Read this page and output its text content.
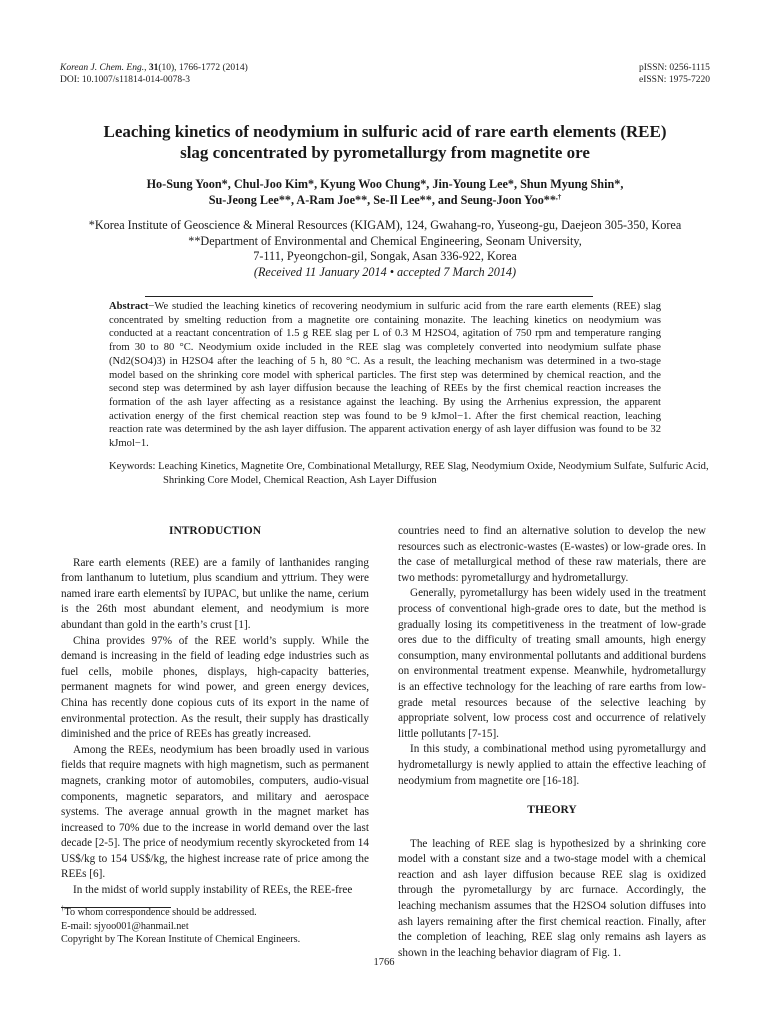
Korean J. Chem. Eng., 31(10), 1766-1772 (2014)
DOI: 10.1007/s11814-014-0078-3
pISSN: 0256-1115
eISSN: 1975-7220
Leaching kinetics of neodymium in sulfuric acid of rare earth elements (REE)
slag concentrated by pyrometallurgy from magnetite ore
Ho-Sung Yoon*, Chul-Joo Kim*, Kyung Woo Chung*, Jin-Young Lee*, Shun Myung Shin*,
Su-Jeong Lee**, A-Ram Joe**, Se-Il Lee**, and Seung-Joon Yoo**,†
*Korea Institute of Geoscience & Mineral Resources (KIGAM), 124, Gwahang-ro, Yuseong-gu, Daejeon 305-350, Korea
**Department of Environmental and Chemical Engineering, Seonam University,
7-111, Pyeongchon-gil, Songak, Asan 336-922, Korea
(Received 11 January 2014 • accepted 7 March 2014)
Abstract−We studied the leaching kinetics of recovering neodymium in sulfuric acid from the rare earth elements (REE) slag concentrated by smelting reduction from a magnetite ore containing monazite. The leaching kinetics on neodymium was conducted at a reactant concentration of 1.5 g REE slag per L of 0.3 M H2SO4, agitation of 750 rpm and temperature ranging from 30 to 80 °C. Neodymium oxide included in the REE slag was completely converted into neodymium sulfate phase (Nd2(SO4)3) in H2SO4 after the leaching of 5 h, 80 °C. As a result, the leaching mechanism was determined in a two-stage model based on the shrinking core model with spherical particles. The first step was determined by chemical reaction, and the second step was determined by ash layer diffusion because the leaching of REEs by the first chemical reaction increases the formation of the ash layer affecting as a resistance against the leaching. By using the Arrhenius expression, the apparent activation energy of the first chemical reaction step was found to be 9 kJmol−1. After the first chemical reaction, leaching reaction rate was determined by the ash layer diffusion. The apparent activation energy of ash layer diffusion was found to be 32 kJmol−1.
Keywords: Leaching Kinetics, Magnetite Ore, Combinational Metallurgy, REE Slag, Neodymium Oxide, Neodymium Sulfate, Sulfuric Acid, Shrinking Core Model, Chemical Reaction, Ash Layer Diffusion
INTRODUCTION

Rare earth elements (REE) are a family of lanthanides ranging from lanthanum to lutetium, plus scandium and yttrium. They were named irare earth elementsî by IUPAC, but unlike the name, cerium is the 26th most abundant element, and neodymium is more abundant than gold in the earth’s crust [1].

China provides 97% of the REE world’s supply. While the demand is increasing in the field of leading edge industries such as fuel cells, mobile phones, displays, high-capacity batteries, permanent magnets for wind power, and green energy devices, China has recently done copious cuts of its export in the name of environmental protection. As the result, their supply has drastically diminished and the price of REEs has greatly increased.

Among the REEs, neodymium has been broadly used in various fields that require magnets with high magnetism, such as permanent magnets, cranking motor of automobiles, computers, audio-visual components, magnetic separators, and military and aerospace systems. The average annual growth in the magnet market has increased to 70% due to the increase in world demand over the last decade [2-5]. The price of neodymium recently skyrocketed from 14 US$/kg to 154 US$/kg, the highest increase rate of price among the REEs [6].

In the midst of world supply instability of REEs, the REE-free

countries need to find an alternative solution to develop the new resources such as electronic-wastes (E-wastes) or low-grade ores. In the case of metallurgical method of these raw materials, there are two methods: pyrometallurgy and hydrometallurgy.

Generally, pyrometallurgy has been widely used in the treatment process of conventional high-grade ores to date, but the method is gradually losing its competitiveness in the treatment of low-grade ores due to the difficulty of treating small amounts, high energy consumption, many environmental pollutants and additional burdens on environmental treatment expense. Meanwhile, hydrometallurgy is an effective technology for the leaching of rare earths from low-grade metal resources because of the selective leaching by appropriate solvent, low process cost and occurrence of relatively little pollutants [7-15].

In this study, a combinational method using pyrometallurgy and hydrometallurgy is newly applied to attain the effective leaching of neodymium from magnetite ore [16-18].

THEORY

The leaching of REE slag is hypothesized by a shrinking core model with a constant size and a two-stage model with a chemical reaction and ash layer diffusion because REE slag is oxidized through the pyrometallurgy by arc furnace. Accordingly, the leaching mechanism assumes that the H2SO4 solution diffuses into ash layers remaining after the first chemical reaction. Finally, after the completion of leaching, REE slag only remains ash layers as shown in the leaching behavior diagram of Fig. 1.

†To whom correspondence should be addressed.
E-mail: sjyoo001@hanmail.net
Copyright by The Korean Institute of Chemical Engineers.
1766
